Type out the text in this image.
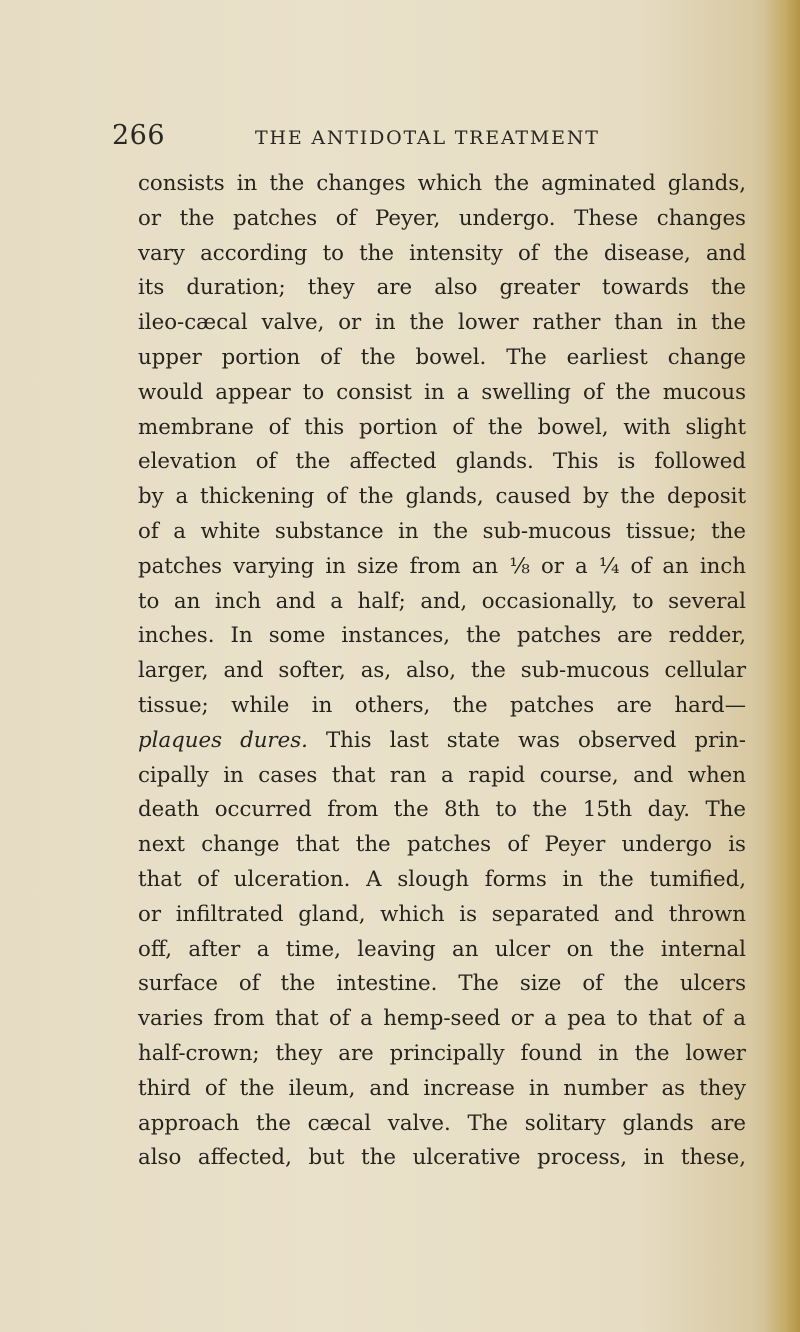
266	THE ANTIDOTAL TREATMENT
consists in the changes which the agminated glands,
or the patches of Peyer, undergo. These changes
vary according to the intensity of the disease, and
its duration; they are also greater towards the
ileo-cæcal valve, or in the lower rather than in the
upper portion of the bowel. The earliest change
would appear to consist in a swelling of the mucous
membrane of this portion of the bowel, with slight
elevation of the affected glands. This is followed
by a thickening of the glands, caused by the deposit
of a white substance in the sub-mucous tissue; the
patches varying in size from an ⅛ or a ¼ of an inch
to an inch and a half; and, occasionally, to several
inches. In some instances, the patches are redder,
larger, and softer, as, also, the sub-mucous cellular
tissue; while in others, the patches are hard—
plaques dures. This last state was observed prin-
cipally in cases that ran a rapid course, and when
death occurred from the 8th to the 15th day. The
next change that the patches of Peyer undergo is
that of ulceration. A slough forms in the tumified,
or infiltrated gland, which is separated and thrown
off, after a time, leaving an ulcer on the internal
surface of the intestine. The size of the ulcers
varies from that of a hemp-seed or a pea to that of a
half-crown; they are principally found in the lower
third of the ileum, and increase in number as they
approach the cæcal valve. The solitary glands are
also affected, but the ulcerative process, in these,
